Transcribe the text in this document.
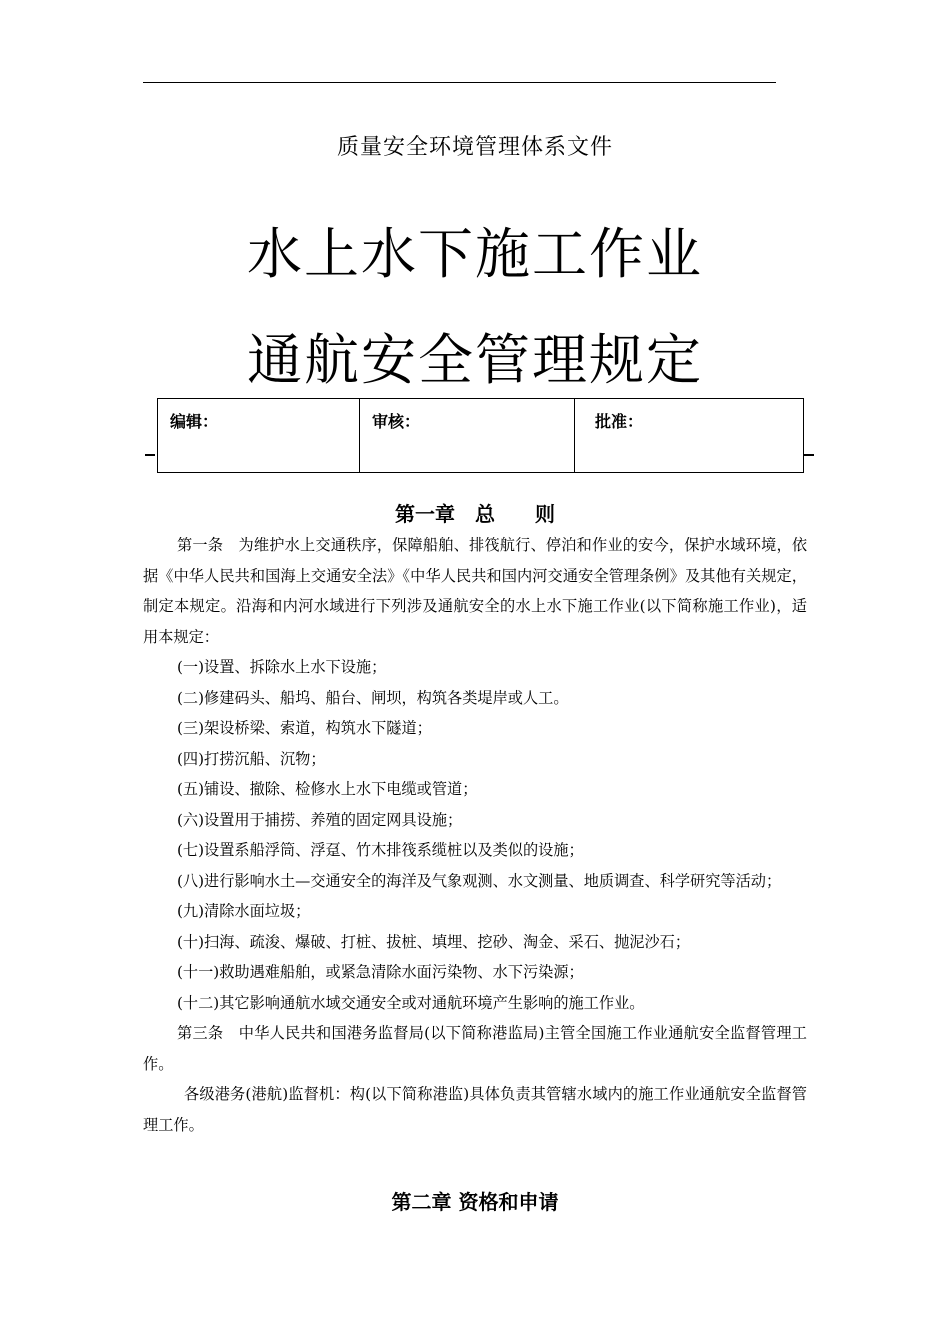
质量安全环境管理体系文件
水上水下施工作业
通航安全管理规定
编辑：	审核：	批准：
第一章　总　　则

第一条　为维护水上交通秩序，保障船舶、排筏航行、停泊和作业的安今，保护水域环境，依据《中华人民共和国海上交通安全法》《中华人民共和国内河交通安全管理条例》及其他有关规定，制定本规定。沿海和内河水域进行下列涉及通航安全的水上水下施工作业(以下简称施工作业)，适用本规定：

(一)设置、拆除水上水下设施；

(二)修建码头、船坞、船台、闸坝，构筑各类堤岸或人工。

(三)架设桥梁、索道，构筑水下隧道；

(四)打捞沉船、沉物；

(五)铺设、撤除、检修水上水下电缆或管道；

(六)设置用于捕捞、养殖的固定网具设施；

(七)设置系船浮筒、浮趸、竹木排筏系缆桩以及类似的设施；

(八)进行影响水土—交通安全的海洋及气象观测、水文测量、地质调查、科学研究等活动；

(九)清除水面垃圾；

(十)扫海、疏浚、爆破、打桩、拔桩、填埋、挖砂、淘金、采石、抛泥沙石；

(十一)救助遇难船舶，或紧急清除水面污染物、水下污染源；

(十二)其它影响通航水域交通安全或对通航环境产生影响的施工作业。

第三条　中华人民共和国港务监督局(以下简称港监局)主管全国施工作业通航安全监督管理工作。

各级港务(港航)监督机：构(以下简称港监)具体负责其管辖水域内的施工作业通航安全监督管理工作。

第二章 资格和申请
